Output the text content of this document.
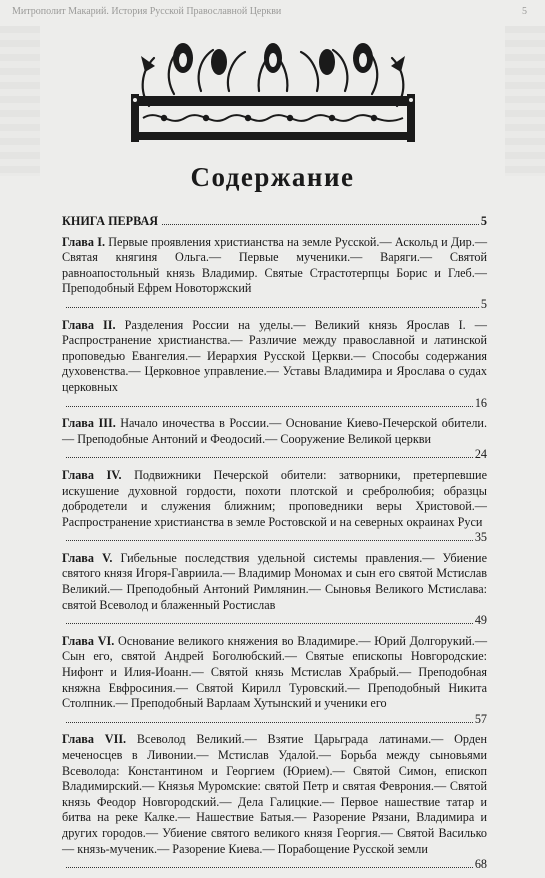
Митрополит Макарий. История Русской Православной Церкви	5
Содержание
КНИГА ПЕРВАЯ	5
Глава I. Первые проявления христианства на земле Русской.— Аскольд и Дир.— Святая княгиня Ольга.— Первые мученики.— Варяги.— Святой равноапостольный князь Владимир. Святые Страстотерпцы Борис и Глеб.— Преподобный Ефрем Новоторжский
5
Глава II. Разделения России на уделы.— Великий князь Ярослав I. — Распространение христианства.— Различие между православной и латинской проповедью Евангелия.— Иерархия Русской Церкви.— Способы содержания духовенства.— Церковное управление.— Уставы Владимира и Ярослава о судах церковных
16
Глава III. Начало иночества в России.— Основание Киево-Печерской обители.— Преподобные Антоний и Феодосий.— Сооружение Великой церкви
24
Глава IV. Подвижники Печерской обители: затворники, претерпевшие искушение духовной гордости, похоти плотской и сребролюбия; образцы добродетели и служения ближним; проповедники веры Христовой.— Распространение христианства в земле Ростовской и на северных окраинах Руси
35
Глава V. Гибельные последствия удельной системы правления.— Убиение святого князя Игоря-Гавриила.— Владимир Мономах и сын его святой Мстислав Великий.— Преподобный Антоний Римлянин.— Сыновья Великого Мстислава: святой Всеволод и блаженный Ростислав
49
Глава VI. Основание великого княжения во Владимире.— Юрий Долгорукий.— Сын его, святой Андрей Боголюбский.— Святые епископы Новгородские: Нифонт и Илия-Иоанн.— Святой князь Мстислав Храбрый.— Преподобная княжна Евфросиния.— Святой Кирилл Туровский.— Преподобный Никита Столпник.— Преподобный Варлаам Хутынский и ученики его
57
Глава VII. Всеволод Великий.— Взятие Царьграда латинами.— Орден меченосцев в Ливонии.— Мстислав Удалой.— Борьба между сыновьями Всеволода: Константином и Георгием (Юрием).— Святой Симон, епископ Владимирский.— Князья Муромские: святой Петр и святая Феврония.— Святой князь Феодор Новгородский.— Дела Галицкие.— Первое нашествие татар и битва на реке Калке.— Нашествие Батыя.— Разорение Рязани, Владимира и других городов.— Убиение святого великого князя Георгия.— Святой Василько — князь-мученик.— Разорение Киева.— Порабощение Русской земли
68
